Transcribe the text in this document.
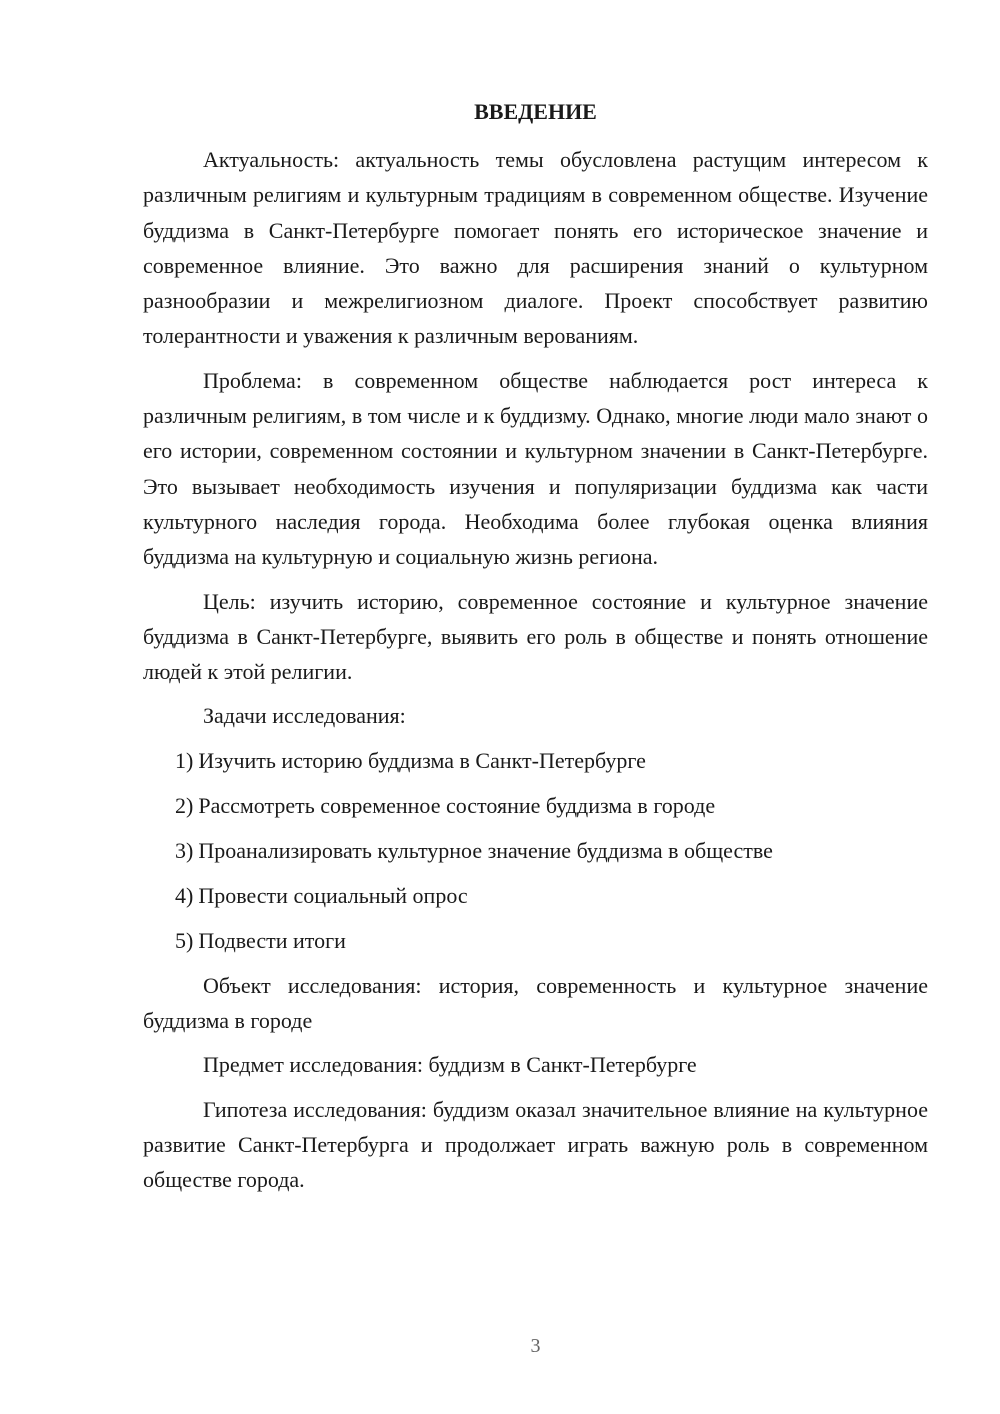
ВВЕДЕНИЕ

Актуальность: актуальность темы обусловлена растущим интересом к различным религиям и культурным традициям в современном обществе. Изучение буддизма в Санкт-Петербурге помогает понять его историческое значение и современное влияние. Это важно для расширения знаний о культурном разнообразии и межрелигиозном диалоге. Проект способствует развитию толерантности и уважения к различным верованиям.

Проблема: в современном обществе наблюдается рост интереса к различным религиям, в том числе и к буддизму. Однако, многие люди мало знают о его истории, современном состоянии и культурном значении в Санкт-Петербурге. Это вызывает необходимость изучения и популяризации буддизма как части культурного наследия города. Необходима более глубокая оценка влияния буддизма на культурную и социальную жизнь региона.

Цель: изучить историю, современное состояние и культурное значение буддизма в Санкт-Петербурге, выявить его роль в обществе и понять отношение людей к этой религии.

Задачи исследования:

1) Изучить историю буддизма в Санкт-Петербурге
2) Рассмотреть современное состояние буддизма в городе
3) Проанализировать культурное значение буддизма в обществе
4) Провести социальный опрос
5) Подвести итоги

Объект исследования: история, современность и культурное значение буддизма в городе

Предмет исследования: буддизм в Санкт-Петербурге

Гипотеза исследования: буддизм оказал значительное влияние на культурное развитие Санкт-Петербурга и продолжает играть важную роль в современном обществе города.

3
